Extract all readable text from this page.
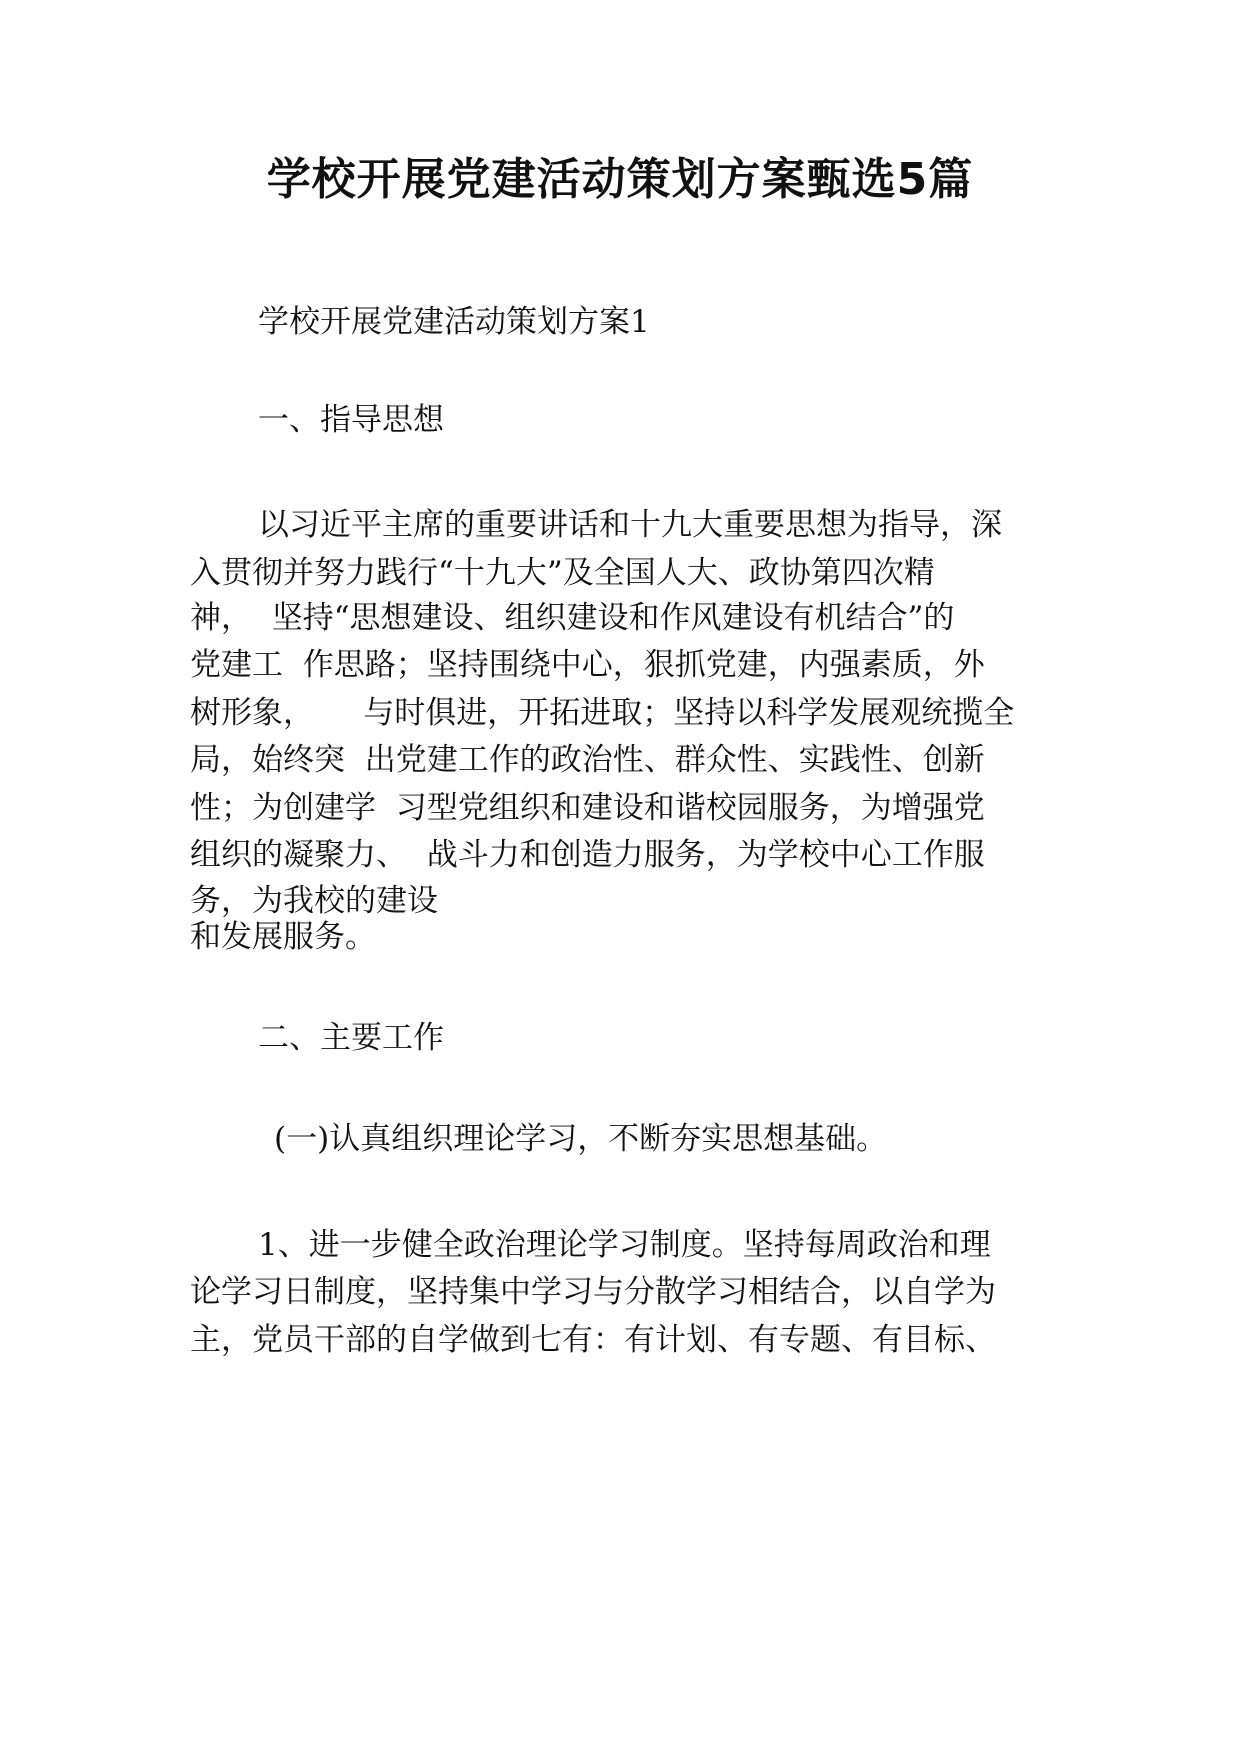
学校开展党建活动策划方案甄选5篇

学校开展党建活动策划方案1

一、指导思想

以习近平主席的重要讲话和十九大重要思想为指导，深

入贯彻并努力践行“十九大”及全国人大、政协第四次精

神，  坚持“思想建设、组织建设和作风建设有机结合”的

党建工  作思路；坚持围绕中心，狠抓党建，内强素质，外

树形象，     与时俱进，开拓进取；坚持以科学发展观统揽全

局，始终突  出党建工作的政治性、群众性、实践性、创新

性；为创建学  习型党组织和建设和谐校园服务，为增强党

组织的凝聚力、  战斗力和创造力服务，为学校中心工作服

务，为我校的建设

和发展服务。

二、主要工作

(一)认真组织理论学习，不断夯实思想基础。

1、进一步健全政治理论学习制度。坚持每周政治和理

论学习日制度，坚持集中学习与分散学习相结合，以自学为

主，党员干部的自学做到七有：有计划、有专题、有目标、
